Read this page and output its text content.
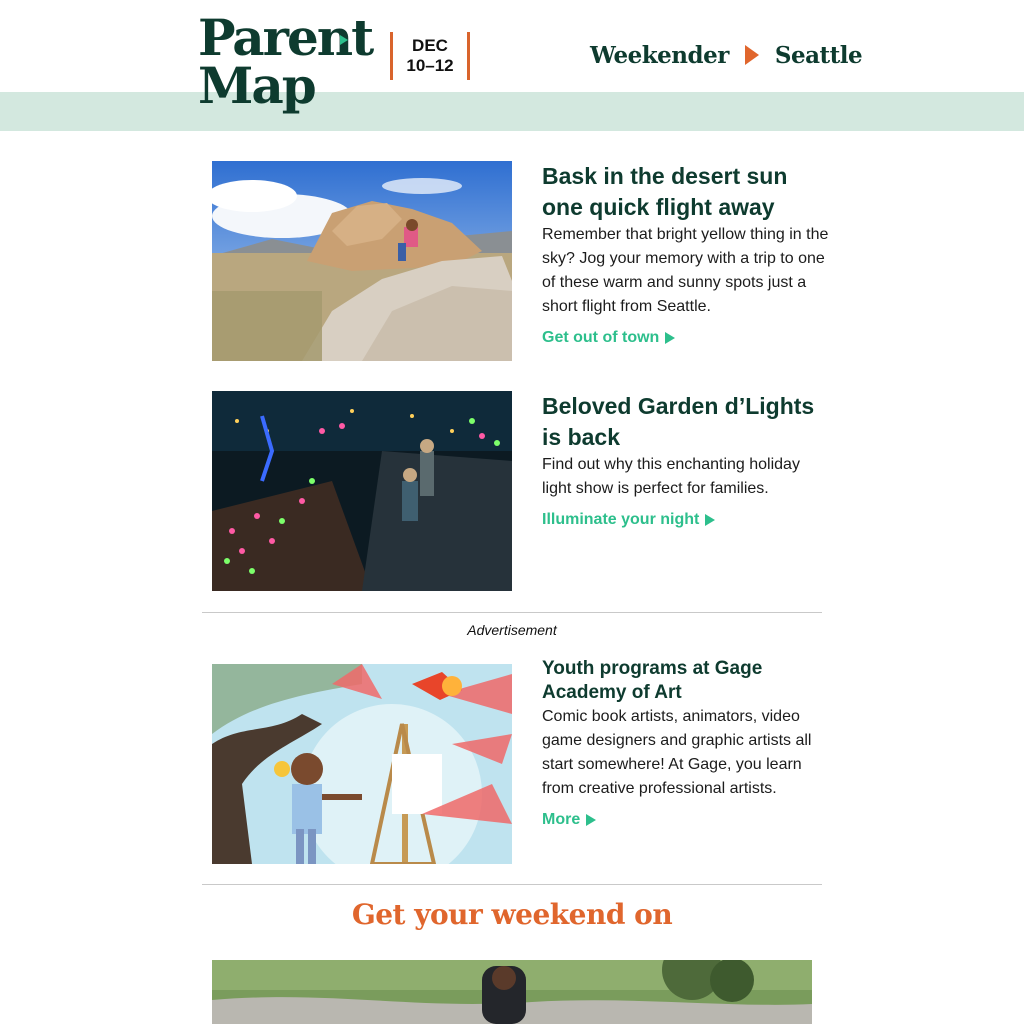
Parent
Map
DEC
10–12	Weekender Seattle
Bask in the desert sun one quick flight away
Remember that bright yellow thing in the sky? Jog your memory with a trip to one of these warm and sunny spots just a short flight from Seattle.
Get out of town
Beloved Garden d’Lights is back
Find out why this enchanting holiday light show is perfect for families.
Illuminate your night
Advertisement
Youth programs at Gage Academy of Art
Comic book artists, animators, video game designers and graphic artists all start somewhere! At Gage, you learn from creative professional artists.
More
Get your weekend on
